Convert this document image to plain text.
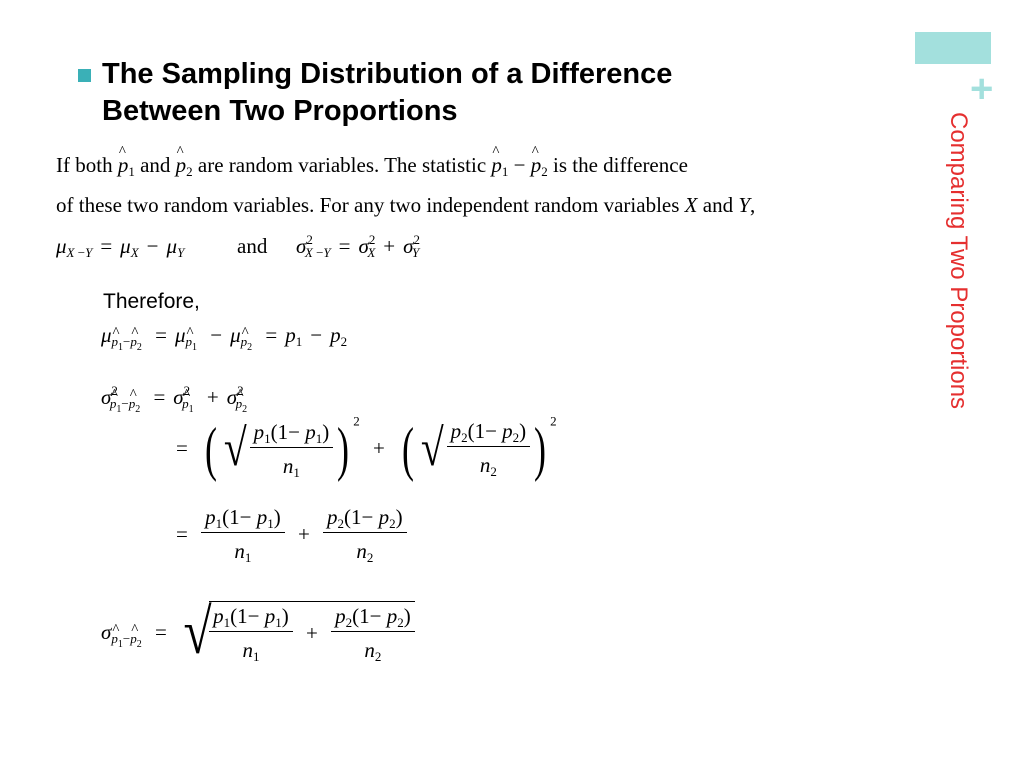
+
Comparing Two Proportions
The Sampling Distribution of a Difference
Between Two Proportions
If both ^ $p_1$ and ^ $p_2$ are random variables. The statistic ^ $p_1$ − ^ $p_2$ is the difference
of these two random variables. For any two independent random variables X and Y,
$\mu_{X -Y} = \mu_X - \mu_Y$	and $\sigma^2_{X -Y} = \sigma^2_X + \sigma^2_Y$
Therefore,
$\mu_{p_1-p_2} = \mu_{p_1} - \mu_{p_2} = p_1 - p_2$
$\sigma^2_{p_1-p_2} = \sigma^2_{p_1} + \sigma^2_{p_2}$
= ( √ $\frac{p_1(1- p_1)}{n_1}$ ) $^2$ + ( √ $\frac{p_2(1- p_2)}{n_2}$ ) $^2$
= $\frac{p_1(1- p_1)}{n_1} + \frac{p_2(1- p_2)}{n_2}$
$\sigma_{p_1-p_2}$ = √
$\frac{p_1(1- p_1)}{n_1} + \frac{p_2(1- p_2)}{n_2}$
